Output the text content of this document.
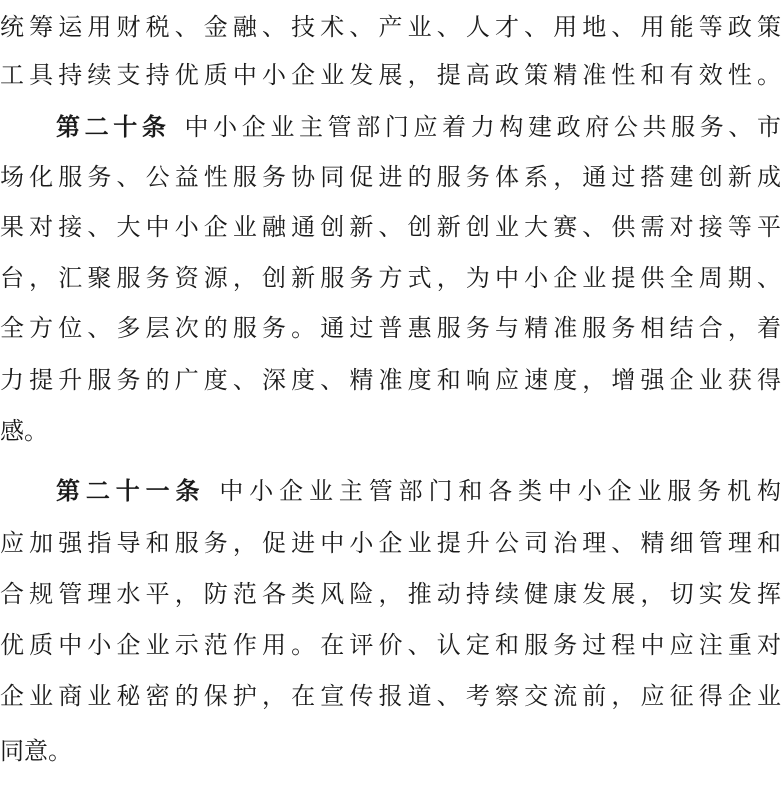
统筹运用财税、金融、技术、产业、人才、用地、用能等政策
工具持续支持优质中小企业发展，提高政策精准性和有效性。
第二十条 中小企业主管部门应着力构建政府公共服务、市
场化服务、公益性服务协同促进的服务体系，通过搭建创新成
果对接、大中小企业融通创新、创新创业大赛、供需对接等平
台，汇聚服务资源，创新服务方式，为中小企业提供全周期、
全方位、多层次的服务。通过普惠服务与精准服务相结合，着
力提升服务的广度、深度、精准度和响应速度，增强企业获得
感。
第二十一条 中小企业主管部门和各类中小企业服务机构
应加强指导和服务，促进中小企业提升公司治理、精细管理和
合规管理水平，防范各类风险，推动持续健康发展，切实发挥
优质中小企业示范作用。在评价、认定和服务过程中应注重对
企业商业秘密的保护，在宣传报道、考察交流前，应征得企业
同意。
